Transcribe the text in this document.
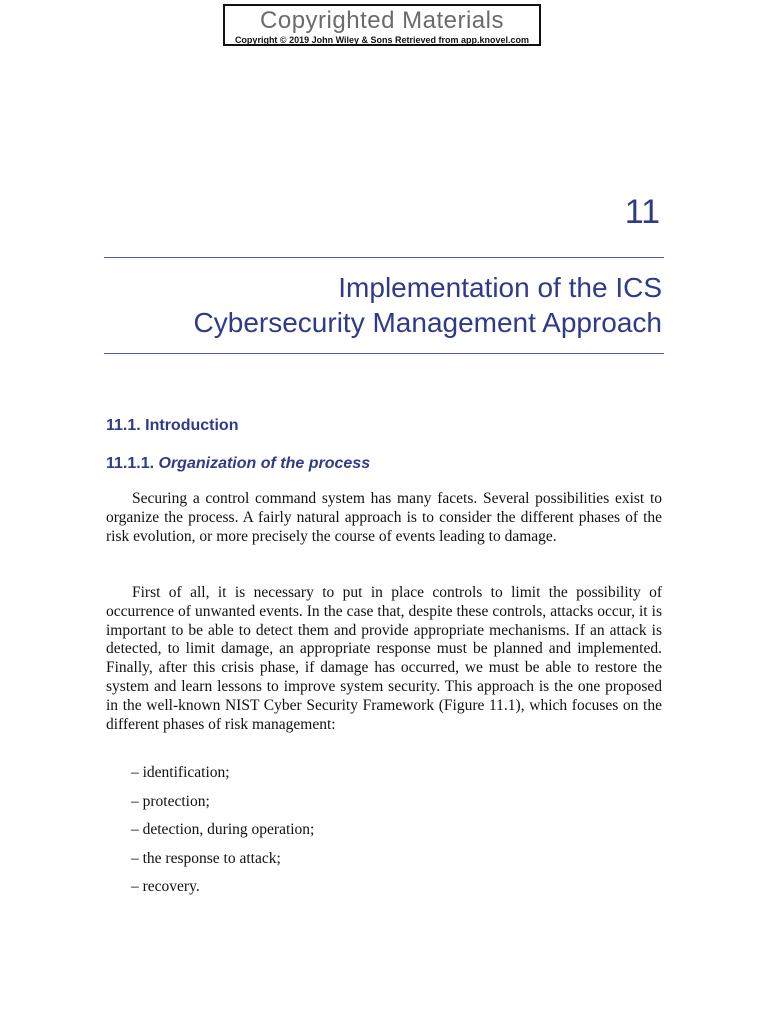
Copyrighted Materials
Copyright © 2019 John Wiley & Sons Retrieved from app.knovel.com
11
Implementation of the ICS
Cybersecurity Management Approach
11.1. Introduction
11.1.1. Organization of the process

Securing a control command system has many facets. Several possibilities exist to organize the process. A fairly natural approach is to consider the different phases of the risk evolution, or more precisely the course of events leading to damage.

First of all, it is necessary to put in place controls to limit the possibility of occurrence of unwanted events. In the case that, despite these controls, attacks occur, it is important to be able to detect them and provide appropriate mechanisms. If an attack is detected, to limit damage, an appropriate response must be planned and implemented. Finally, after this crisis phase, if damage has occurred, we must be able to restore the system and learn lessons to improve system security. This approach is the one proposed in the well-known NIST Cyber Security Framework (Figure 11.1), which focuses on the different phases of risk management:

– identification;
– protection;
– detection, during operation;
– the response to attack;
– recovery.
